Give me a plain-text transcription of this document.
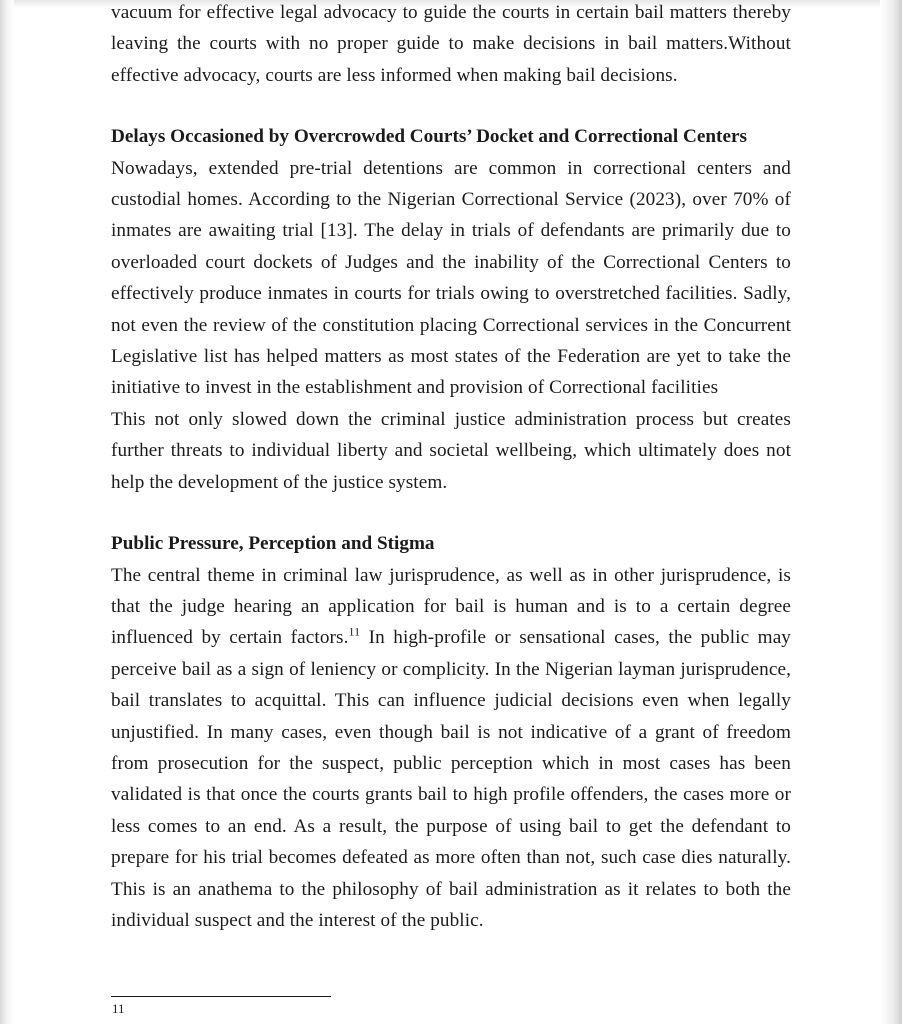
vacuum for effective legal advocacy to guide the courts in certain bail matters thereby leaving the courts with no proper guide to make decisions in bail matters.Without effective advocacy, courts are less informed when making bail decisions.

Delays Occasioned by Overcrowded Courts’ Docket and Correctional Centers

Nowadays, extended pre-trial detentions are common in correctional centers and custodial homes. According to the Nigerian Correctional Service (2023), over 70% of inmates are awaiting trial [13]. The delay in trials of defendants are primarily due to overloaded court dockets of Judges and the inability of the Correctional Centers to effectively produce inmates in courts for trials owing to overstretched facilities. Sadly, not even the review of the constitution placing Correctional services in the Concurrent Legislative list has helped matters as most states of the Federation are yet to take the initiative to invest in the establishment and provision of Correctional facilities

This not only slowed down the criminal justice administration process but creates further threats to individual liberty and societal wellbeing, which ultimately does not help the development of the justice system.

Public Pressure, Perception and Stigma

The central theme in criminal law jurisprudence, as well as in other jurisprudence, is that the judge hearing an application for bail is human and is to a certain degree influenced by certain factors.$^{11}$ In high-profile or sensational cases, the public may perceive bail as a sign of leniency or complicity. In the Nigerian layman jurisprudence, bail translates to acquittal. This can influence judicial decisions even when legally unjustified. In many cases, even though bail is not indicative of a grant of freedom from prosecution for the suspect, public perception which in most cases has been validated is that once the courts grants bail to high profile offenders, the cases more or less comes to an end. As a result, the purpose of using bail to get the defendant to prepare for his trial becomes defeated as more often than not, such case dies naturally. This is an anathema to the philosophy of bail administration as it relates to both the individual suspect and the interest of the public.

11
